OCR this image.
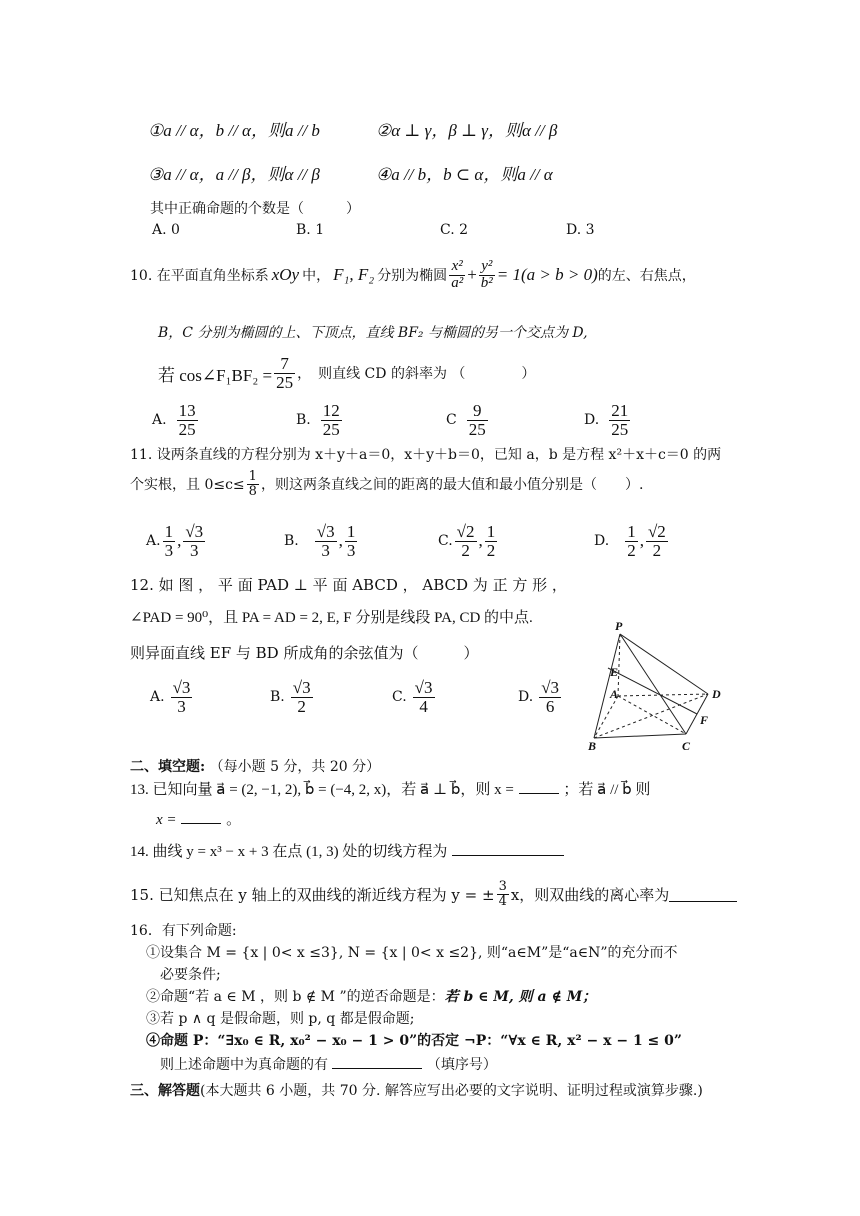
①a // α，b // α，则a // b	②α ⊥ γ，β ⊥ γ，则α // β
③a // α，a // β，则α // β	④a // b，b ⊂ α，则a // α
其中正确命题的个数是（　　　）
A. 0	B. 1	C. 2	D. 3
10. 在平面直角坐标系 xOy 中， F₁, F₂ 分别为椭圆 $\frac{\text{x²}}{\text{a²}} + \frac{\text{y²}}{\text{b²}} = 1(a > b > 0)$ 的左、右焦点，
B，C 分别为椭圆的上、下顶点，直线 BF₂ 与椭圆的另一个交点为 D,
若 cos∠F₁BF₂ = $\frac{7}{25}$ ，　则直线 CD 的斜率为 （　　　　）
A. $\frac{13}{25}$	B. $\frac{12}{25}$	C $\frac{9}{25}$	D. $\frac{21}{25}$
11. 设两条直线的方程分别为 x＋y＋a＝0，x＋y＋b＝0，已知 a，b 是方程 x²＋x＋c＝0 的两
个实根，且 $0\le c\le \frac{1}{8}$ ，则这两条直线之间的距离的最大值和最小值分别是（　　）.
A. $\frac{1}{3}$ , $\frac{√3}{3}$	B. $\frac{√3}{3}$ , $\frac{1}{3}$	C. $\frac{√2}{2}$ , $\frac{1}{2}$	D. $\frac{1}{2}$ , $\frac{√2}{2}$
12. 如 图 ， 平 面 PAD ⊥ 平 面 ABCD ， ABCD 为 正 方 形 ，
∠PAD = 90⁰，且 PA = AD = 2, E, F 分别是线段 PA, CD 的中点.
则异面直线 EF 与 BD 所成角的余弦值为（　　　）
A. $\frac{√3}{3}$	B. $\frac{√3}{2}$	C. $\frac{√3}{4}$	D. $\frac{√3}{6}$
P
E
A	D
F
B	C
二、填空题: （每小题 5 分，共 20 分）
13. 已知向量 a⃗ = (2, −1, 2), b⃗ = (−4, 2, x)，若 a⃗ ⊥ b⃗，则 x =	；若 a⃗ // b⃗ 则
x =	。
14. 曲线 y = x³ − x + 3 在点 (1, 3) 处的切线方程为
15. 已知焦点在 y 轴上的双曲线的渐近线方程为 y = ± $\frac{3}{4}$ x，则双曲线的离心率为
16．有下列命题:
①设集合 M = {x | 0< x ≤3}, N = {x | 0< x ≤2}, 则“a∈M”是“a∈N”的充分而不
必要条件;
②命题“若 a ∈ M ，则 b ∉ M ”的逆否命题是：若 b ∈ M, 则 a ∉ M；
③若 p ∧ q 是假命题，则 p, q 都是假命题;
④命题 P：“∃x₀ ∈ R, x₀² − x₀ − 1 > 0”的否定 ¬P：“∀x ∈ R, x² − x − 1 ≤ 0”
则上述命题中为真命题的有	（填序号）
三、解答题(本大题共 6 小题，共 70 分. 解答应写出必要的文字说明、证明过程或演算步骤.)
